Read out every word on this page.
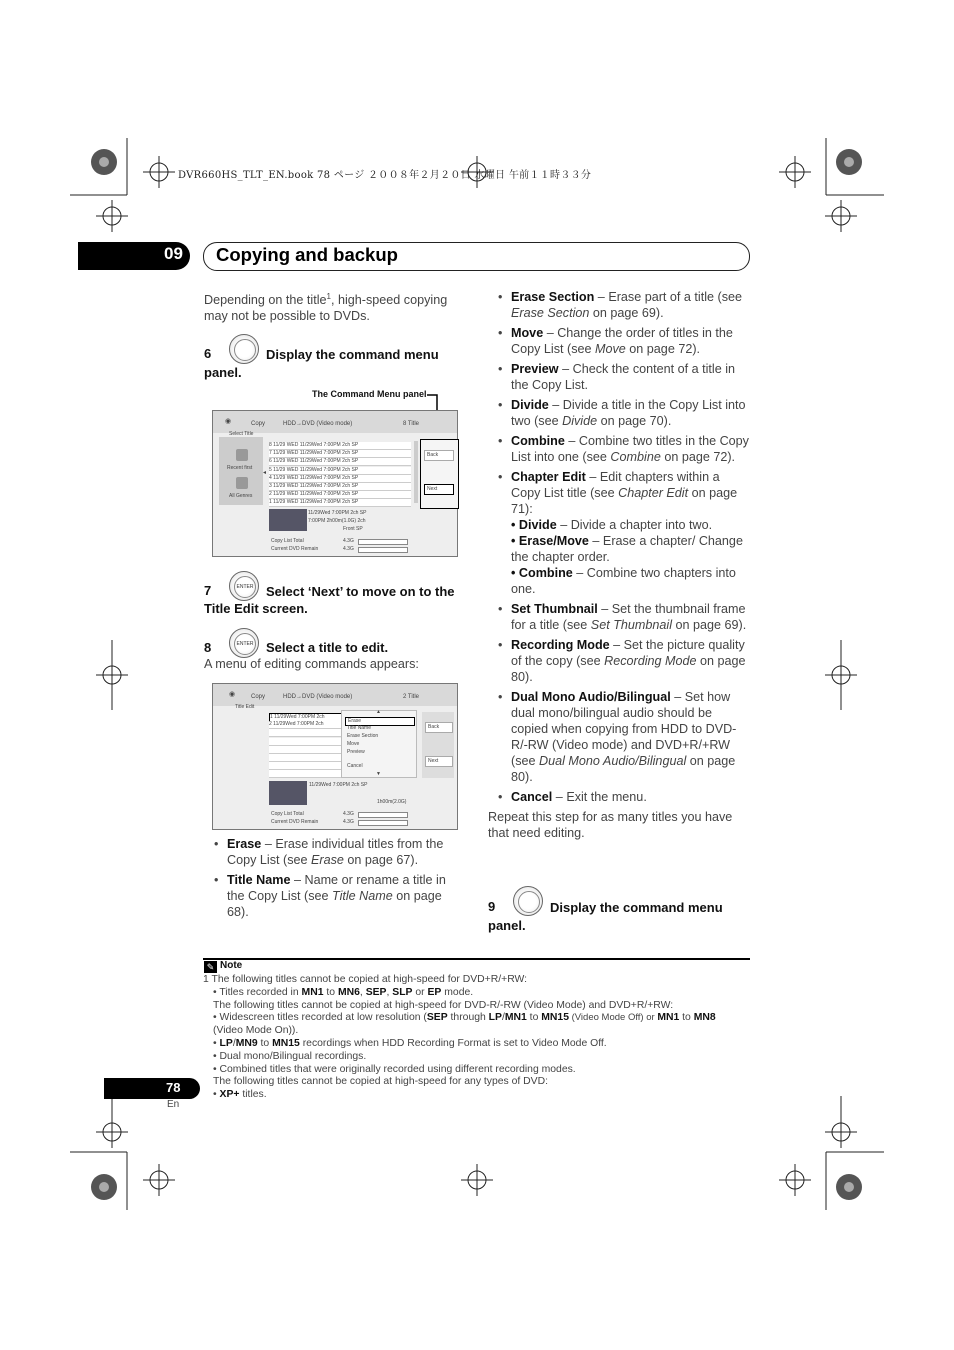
DVR660HS_TLT_EN.book 78 ページ ２００８年２月２０日 水曜日 午前１１時３３分
09	Copying and backup
Depending on the title$^1$, high-speed copying may not be possible to DVDs.
6	Display the command menu panel.
The Command Menu panel
◉	Copy	HDD→DVD (Video mode)	8 Title
Select Title
Recent first
All Genres
◂
8 11/29 WED 11/29Wed 7:00PM 2ch SP
7 11/29 WED 11/29Wed 7:00PM 2ch SP
6 11/29 WED 11/29Wed 7:00PM 2ch SP
5 11/29 WED 11/29Wed 7:00PM 2ch SP
4 11/29 WED 11/29Wed 7:00PM 2ch SP
3 11/29 WED 11/29Wed 7:00PM 2ch SP
2 11/29 WED 11/29Wed 7:00PM 2ch SP
1 11/29 WED 11/29Wed 7:00PM 2ch SP
Back
Next
11/29Wed 7:00PM 2ch SP
7:00PM 2h00m(1.0G) 2ch
Front SP
Copy List Total	4.3G
Current DVD Remain	4.3G
7	ENTER Select ‘Next’ to move on to the Title Edit screen.
8	ENTER Select a title to edit.
A menu of editing commands appears:
◉	Copy	HDD→DVD (Video mode)	2 Title
Title Edit
1 11/29Wed 7:00PM 2ch
2 11/29Wed 7:00PM 2ch
▲
Erase
Title Name
Erase Section
Move
Preview
Cancel
▼
Back
Next
11/29Wed 7:00PM 2ch SP
1h00m(2.0G)
Copy List Total	4.3G
Current DVD Remain	4.3G
• Erase – Erase individual titles from the Copy List (see Erase on page 67).
• Title Name – Name or rename a title in the Copy List (see Title Name on page 68).
• Erase Section – Erase part of a title (see Erase Section on page 69).
• Move – Change the order of titles in the Copy List (see Move on page 72).
• Preview – Check the content of a title in the Copy List.
• Divide – Divide a title in the Copy List into two (see Divide on page 70).
• Combine – Combine two titles in the Copy List into one (see Combine on page 72).
• Chapter Edit – Edit chapters within a Copy List title (see Chapter Edit on page 71):
• Divide – Divide a chapter into two.
• Erase/Move – Erase a chapter/ Change the chapter order.
• Combine – Combine two chapters into one.
• Set Thumbnail – Set the thumbnail frame for a title (see Set Thumbnail on page 69).
• Recording Mode – Set the picture quality of the copy (see Recording Mode on page 80).
• Dual Mono Audio/Bilingual – Set how dual mono/bilingual audio should be copied when copying from HDD to DVD-R/-RW (Video mode) and DVD+R/+RW (see Dual Mono Audio/Bilingual on page 80).
• Cancel – Exit the menu.
Repeat this step for as many titles you have that need editing.
9	Display the command menu panel.
✎ Note
1 The following titles cannot be copied at high-speed for DVD+R/+RW:
• Titles recorded in MN1 to MN6, SEP, SLP or EP mode.
The following titles cannot be copied at high-speed for DVD-R/-RW (Video Mode) and DVD+R/+RW:
• Widescreen titles recorded at low resolution (SEP through LP/MN1 to MN15 (Video Mode Off) or MN1 to MN8
(Video Mode On)).
• LP/MN9 to MN15 recordings when HDD Recording Format is set to Video Mode Off.
• Dual mono/Bilingual recordings.
• Combined titles that were originally recorded using different recording modes.
The following titles cannot be copied at high-speed for any types of DVD:
• XP+ titles.
78
En
